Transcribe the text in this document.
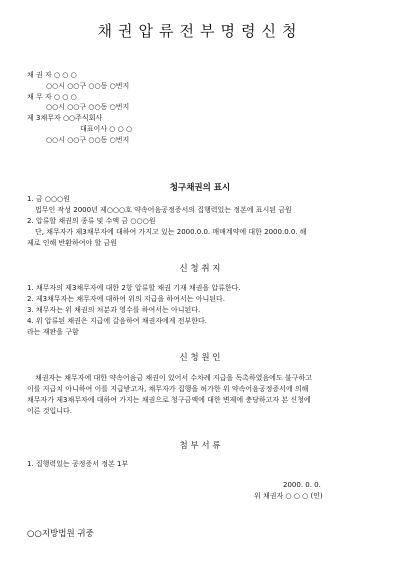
채권압류전부명령신청
채 권 자 ○ ○ ○
○○시 ○○구 ○○동 ○번지
채 무 자 ○ ○ ○
○○시 ○○구 ○○동 ○번지
제 3채무자 ○○주식회사
대표이사 ○ ○ ○
○○시 ○○구 ○○동 ○번지
청구채권의 표시
1. 금 ○○○원
법무인 작성 2000년 제○○○호 약속어음공정증서의 집행력있는 정본에 표시된 금원
2. 압류할 채권의 종류 및 수액 금 ○○○원
단, 채무자가 제3채무자에 대하여 가지고 있는 2000.0.0. 매매계약에 대한 2000.0.0. 해
제로 인해 반환하여야 할 금원
신 청 취 지
1. 채무자의 제3채무자에 대한 2항 압류할 채권 기재 채권을 압류한다.
2. 제3채무자는 채무자에 대하여 위의 지급을 하여서는 아니된다.
3. 채무자는 위 채권의 처분과 영수를 하여서는 아니된다.
4. 위 압류된 채권은 지급에 갈음하여 채권자에게 전부한다.
라는 재판을 구함
신 청 원 인
채권자는 채무자에 대한 약속어음금 채권이 있어서 수차례 지급을 독촉하였음에도 불구하고
이를 지급치 아니하여 이를 지급받고자, 채무자가 집행을 허가한 위 약속어음공정증서에 의해
채무자가 제3채무자에 대하여 가지는 채권으로 청구금액에 대한 변제에 충당하고자 본 신청에
이른 것입니다.
첨 부 서 류
1. 집행력있는 공정증서 정본 1부
2000. 0. 0.
위 채권자 ○ ○ ○ (인)
○○지방법원 귀중
